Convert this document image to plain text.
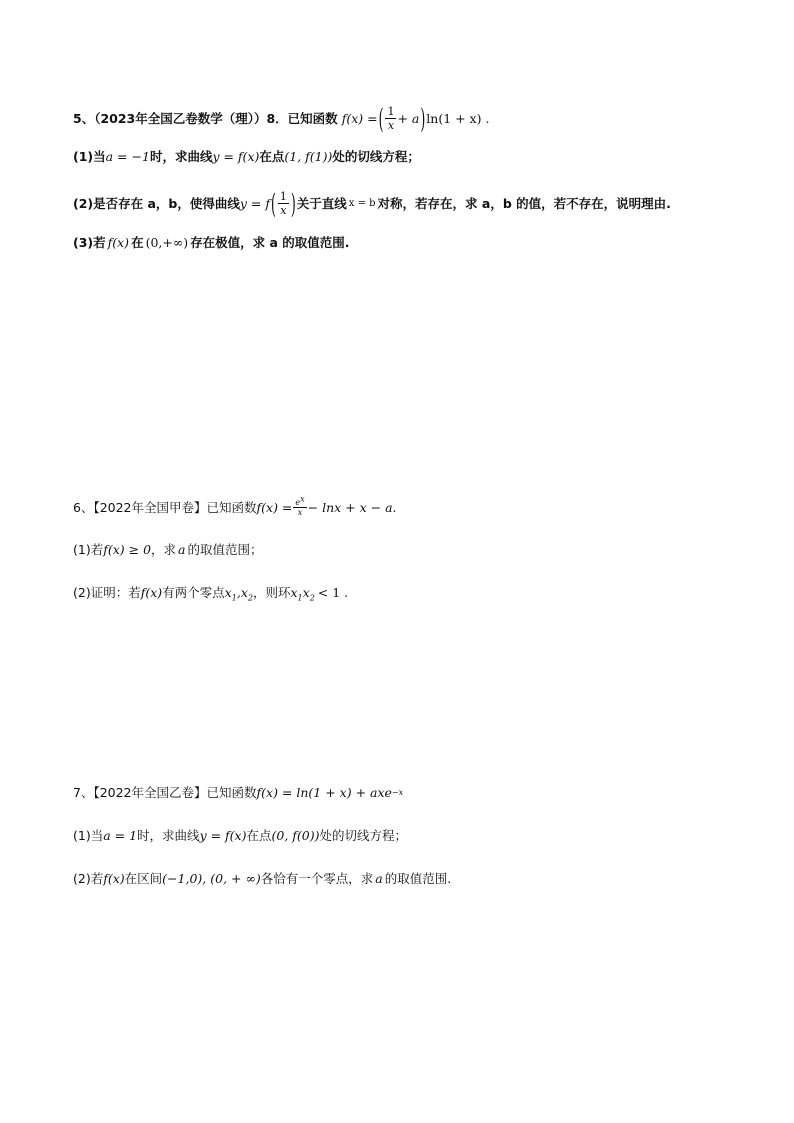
5、（2023年全国乙卷数学（理））8．已知函数 f(x) = ( $\frac{1}{x} + a$ ) ln(1 + x) .
(1)当 a = −1 时，求曲线 y = f(x) 在点 (1, f(1)) 处的切线方程；
(2)是否存在 a，b，使得曲线 y = f ( $\frac{1}{x}$ ) 关于直线 x = b 对称，若存在，求 a，b 的值，若不存在，说明理由.
(3)若 f(x) 在 (0,+∞) 存在极值，求 a 的取值范围.
6、【2022年全国甲卷】已知函数 $f(x) = \frac{e^x}{x} - \ln x + x - a$.
(1)若 f(x) ≥ 0 ，求 a 的取值范围；
(2)证明：若 f(x) 有两个零点 $x_1,x_2$ ，则环 $x_1x_2 < 1$ .
7、【2022年全国乙卷】已知函数 f(x) = ln(1 + x) + axe −x
(1)当 a = 1 时，求曲线 y = f(x) 在点 (0, f(0)) 处的切线方程；
(2)若 f(x) 在区间 (−1,0), (0, + ∞) 各恰有一个零点，求 a 的取值范围.
